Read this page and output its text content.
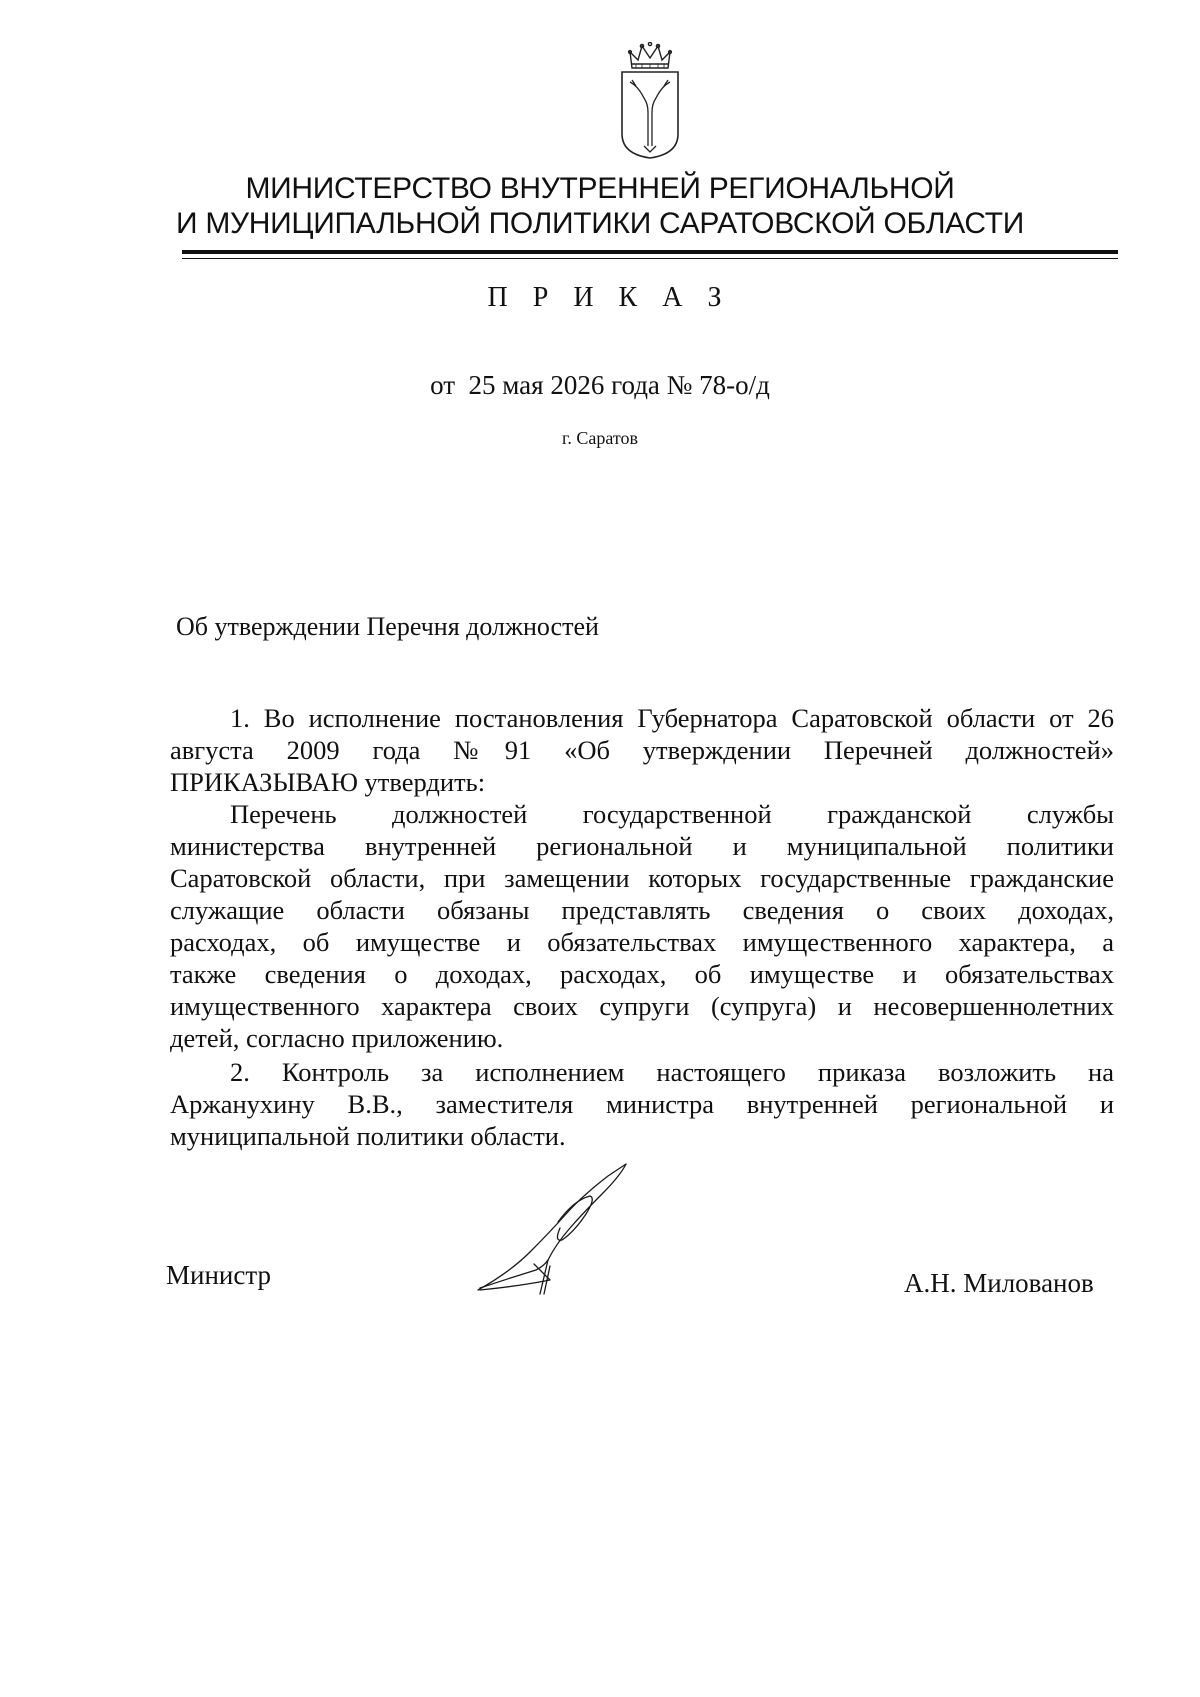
МИНИСТЕРСТВО ВНУТРЕННЕЙ РЕГИОНАЛЬНОЙ
И МУНИЦИПАЛЬНОЙ ПОЛИТИКИ САРАТОВСКОЙ ОБЛАСТИ
П Р И К А З
от  25 мая 2026 года № 78-о/д
г. Саратов
Об утверждении Перечня должностей
1. Во исполнение постановления Губернатора Саратовской области от 26
августа 2009 года №91 «Об утверждении Перечней должностей»
ПРИКАЗЫВАЮ утвердить:
Перечень должностей государственной гражданской службы
министерства внутренней региональной и муниципальной политики
Саратовской области, при замещении которых государственные гражданские
служащие области обязаны представлять сведения о своих доходах,
расходах, об имуществе и обязательствах имущественного характера, а
также сведения о доходах, расходах, об имуществе и обязательствах
имущественного характера своих супруги (супруга) и несовершеннолетних
детей, согласно приложению.
2. Контроль за исполнением настоящего приказа возложить на
Аржанухину В.В., заместителя министра внутренней региональной и
муниципальной политики области.
Министр	А.Н. Милованов
